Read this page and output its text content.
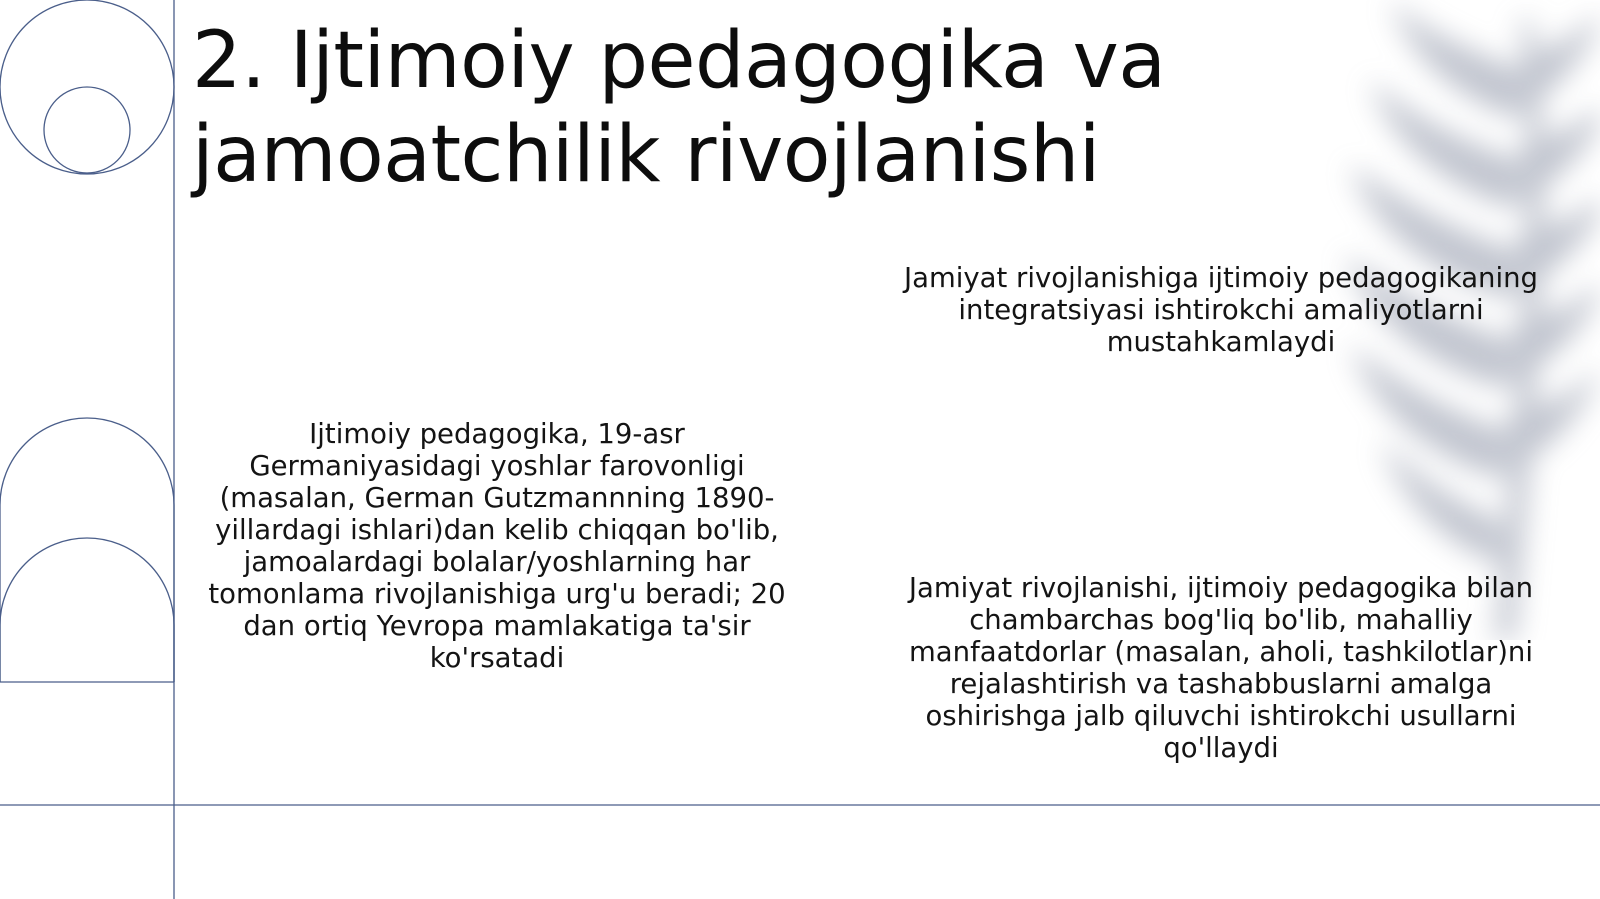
2. Ijtimoiy pedagogika va jamoatchilik rivojlanishi

Ijtimoiy pedagogika, 19-asr Germaniyasidagi yoshlar farovonligi (masalan, German Gutzmannning 1890-yillardagi ishlari)dan kelib chiqqan bo'lib, jamoalardagi bolalar/yoshlarning har tomonlama rivojlanishiga urg'u beradi; 20 dan ortiq Yevropa mamlakatiga ta'sir ko'rsatadi

Jamiyat rivojlanishiga ijtimoiy pedagogikaning integratsiyasi ishtirokchi amaliyotlarni mustahkamlaydi

Jamiyat rivojlanishi, ijtimoiy pedagogika bilan chambarchas bog'liq bo'lib, mahalliy manfaatdorlar (masalan, aholi, tashkilotlar)ni rejalashtirish va tashabbuslarni amalga oshirishga jalb qiluvchi ishtirokchi usullarni qo'llaydi
